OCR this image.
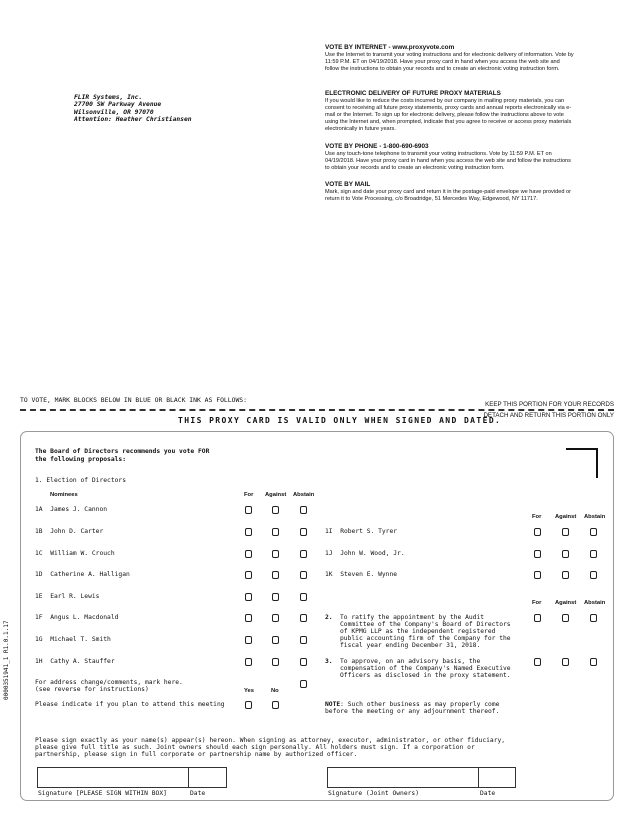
FLIR Systems, Inc.
27700 SW Parkway Avenue
Wilsonville, OR 97070
Attention: Heather Christiansen
VOTE BY INTERNET - www.proxyvote.com
Use the Internet to transmit your voting instructions and for electronic delivery of information. Vote by 11:59 P.M. ET on 04/19/2018. Have your proxy card in hand when you access the web site and follow the instructions to obtain your records and to create an electronic voting instruction form.
ELECTRONIC DELIVERY OF FUTURE PROXY MATERIALS
If you would like to reduce the costs incurred by our company in mailing proxy materials, you can consent to receiving all future proxy statements, proxy cards and annual reports electronically via e-mail or the Internet. To sign up for electronic delivery, please follow the instructions above to vote using the Internet and, when prompted, indicate that you agree to receive or access proxy materials electronically in future years.
VOTE BY PHONE - 1-800-690-6903
Use any touch-tone telephone to transmit your voting instructions. Vote by 11:59 P.M. ET on 04/19/2018. Have your proxy card in hand when you access the web site and follow the instructions to obtain your records and to create an electronic voting instruction form.
VOTE BY MAIL
Mark, sign and date your proxy card and return it in the postage-paid envelope we have provided or return it to Vote Processing, c/o Broadridge, 51 Mercedes Way, Edgewood, NY 11717.
TO VOTE, MARK BLOCKS BELOW IN BLUE OR BLACK INK AS FOLLOWS:
KEEP THIS PORTION FOR YOUR RECORDS
DETACH AND RETURN THIS PORTION ONLY
THIS PROXY CARD IS VALID ONLY WHEN SIGNED AND DATED.
The Board of Directors recommends you vote FOR
the following proposals:
1. Election of Directors
Nominees	For Against Abstain
1A James J. Cannon
1B John D. Carter
1C William W. Crouch
1D Catherine A. Halligan
1E Earl R. Lewis
1F Angus L. Macdonald
1G Michael T. Smith
1H Cathy A. Stauffer
For Against Abstain
1I Robert S. Tyrer
1J John W. Wood, Jr.
1K Steven E. Wynne
For Against Abstain
2. To ratify the appointment by the Audit
Committee of the Company's Board of Directors
of KPMG LLP as the independent registered
public accounting firm of the Company for the
fiscal year ending December 31, 2018.
3. To approve, on an advisory basis, the
compensation of the Company's Named Executive
Officers as disclosed in the proxy statement.
For address change/comments, mark here.
(see reverse for instructions)	Yes	No
Please indicate if you plan to attend this meeting	NOTE: Such other business as may properly come
before the meeting or any adjournment thereof.
Please sign exactly as your name(s) appear(s) hereon. When signing as attorney, executor, administrator, or other fiduciary,
please give full title as such. Joint owners should each sign personally. All holders must sign. If a corporation or
partnership, please sign in full corporate or partnership name by authorized officer.
Signature [PLEASE SIGN WITHIN BOX]	Date	Signature (Joint Owners)	Date
0000351941_1 R1.0.1.17
